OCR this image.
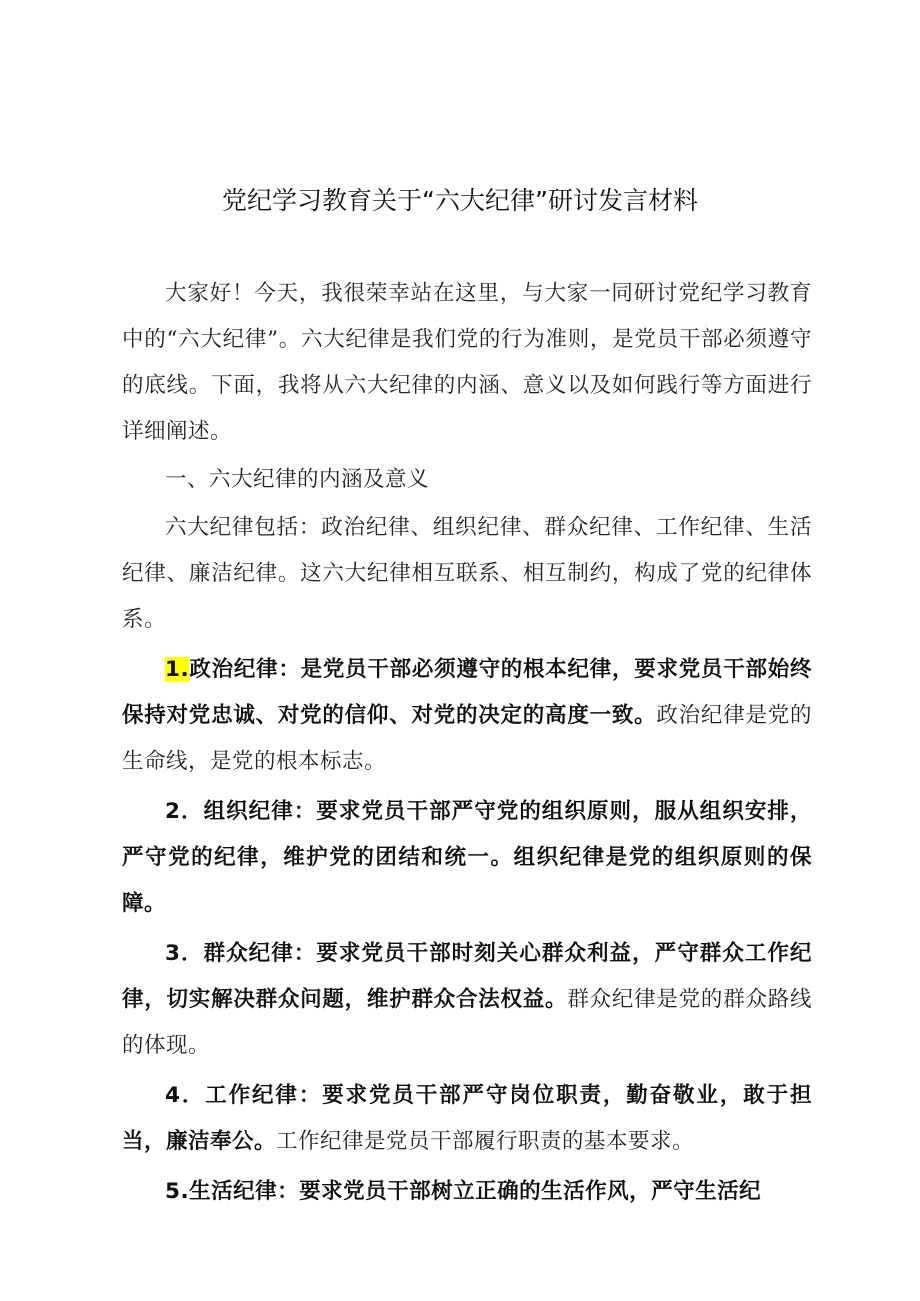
党纪学习教育关于“六大纪律”研讨发言材料

大家好！今天，我很荣幸站在这里，与大家一同研讨党纪学习教育中的“六大纪律”。六大纪律是我们党的行为准则，是党员干部必须遵守的底线。下面，我将从六大纪律的内涵、意义以及如何践行等方面进行详细阐述。

一、六大纪律的内涵及意义

六大纪律包括：政治纪律、组织纪律、群众纪律、工作纪律、生活纪律、廉洁纪律。这六大纪律相互联系、相互制约，构成了党的纪律体系。

1.政治纪律：是党员干部必须遵守的根本纪律，要求党员干部始终保持对党忠诚、对党的信仰、对党的决定的高度一致。政治纪律是党的生命线，是党的根本标志。

2．组织纪律：要求党员干部严守党的组织原则，服从组织安排，严守党的纪律，维护党的团结和统一。组织纪律是党的组织原则的保障。

3．群众纪律：要求党员干部时刻关心群众利益，严守群众工作纪律，切实解决群众问题，维护群众合法权益。群众纪律是党的群众路线的体现。

4．工作纪律：要求党员干部严守岗位职责，勤奋敬业，敢于担当，廉洁奉公。工作纪律是党员干部履行职责的基本要求。

5.生活纪律：要求党员干部树立正确的生活作风，严守生活纪
